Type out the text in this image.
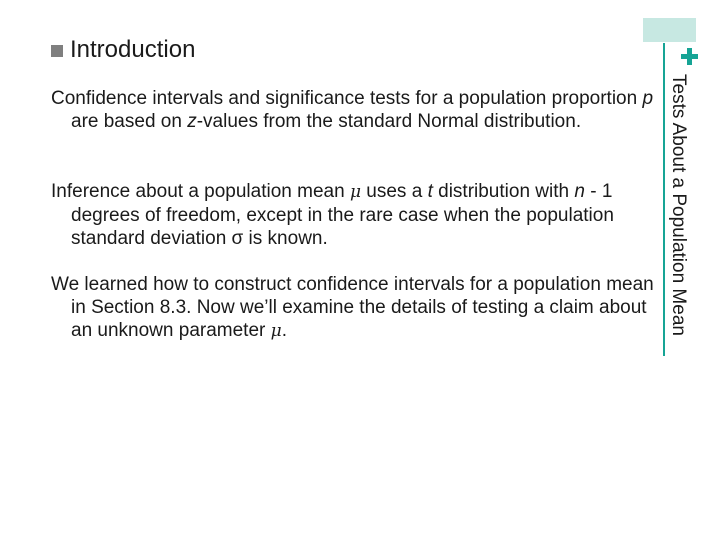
Tests About a Population Mean
Introduction
Confidence intervals and significance tests for a population proportion p are based on z-values from the standard Normal distribution.
Inference about a population mean μ uses a t distribution with n - 1 degrees of freedom, except in the rare case when the population standard deviation σ is known.
We learned how to construct confidence intervals for a population mean in Section 8.3. Now we’ll examine the details of testing a claim about an unknown parameter μ.
